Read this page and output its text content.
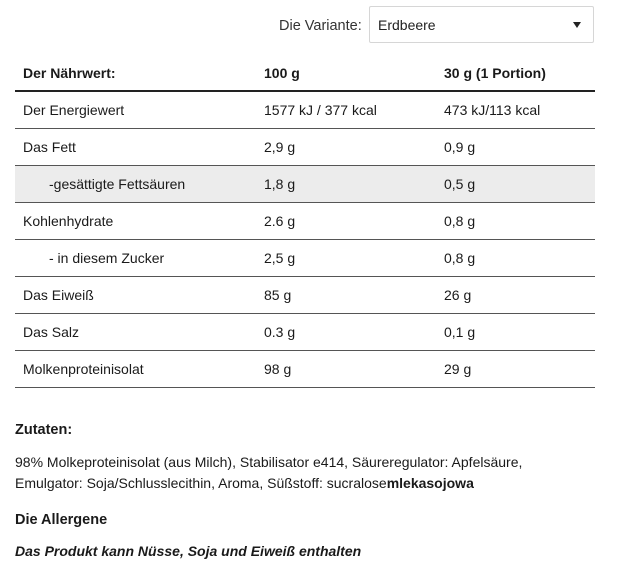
Die Variante: Erdbeere
Der Nährwert:	100 g	30 g (1 Portion)
Der Energiewert	1577 kJ / 377 kcal	473 kJ/113 kcal
Das Fett	2,9 g	0,9 g
-gesättigte Fettsäuren	1,8 g	0,5 g
Kohlenhydrate	2.6 g	0,8 g
- in diesem Zucker	2,5 g	0,8 g
Das Eiweiß	85 g	26 g
Das Salz	0.3 g	0,1 g
Molkenproteinisolat	98 g	29 g
Zutaten:
98% Molkeproteinisolat (aus Milch), Stabilisator e414, Säureregulator: Apfelsäure,
Emulgator: Soja/Schlusslecithin, Aroma, Süßstoff: sucralosemlekasojowa
Die Allergene
Das Produkt kann Nüsse, Soja und Eiweiß enthalten
